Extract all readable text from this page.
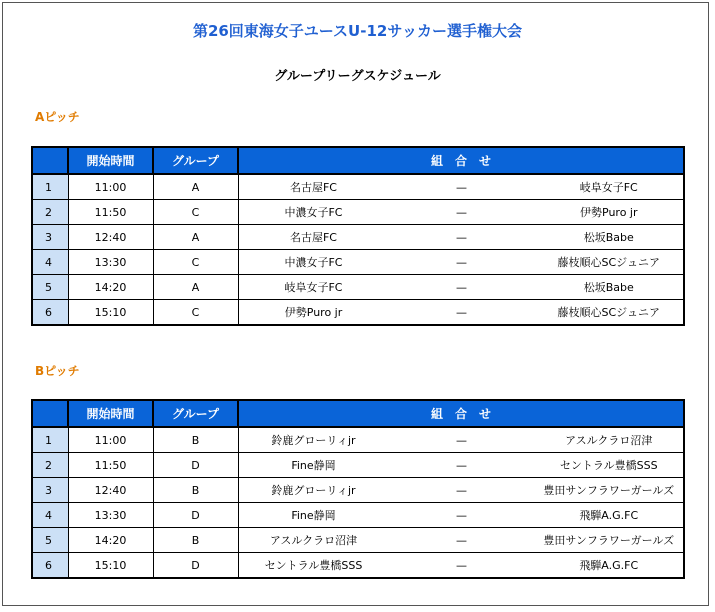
第26回東海女子ユースU-12サッカー選手権大会
グループリーグスケジュール
Aピッチ
	開始時間	グループ	組　合　せ
1	11:00	A	名古屋FC — 岐阜女子FC

2	11:50	C	中濃女子FC — 伊勢Puro jr

3	12:40	A	名古屋FC — 松坂Babe

4	13:30	C	中濃女子FC — 藤枝順心SCジュニア

5	14:20	A	岐阜女子FC — 松坂Babe

6	15:10	C	伊勢Puro jr — 藤枝順心SCジュニア
Bピッチ
	開始時間	グループ	組　合　せ
1	11:00	B	鈴鹿グローリィjr — アスルクラロ沼津

2	11:50	D	Fine静岡 — セントラル豊橋SSS

3	12:40	B	鈴鹿グローリィjr — 豊田サンフラワーガールズ

4	13:30	D	Fine静岡 — 飛騨A.G.FC

5	14:20	B	アスルクラロ沼津 — 豊田サンフラワーガールズ

6	15:10	D	セントラル豊橋SSS — 飛騨A.G.FC
